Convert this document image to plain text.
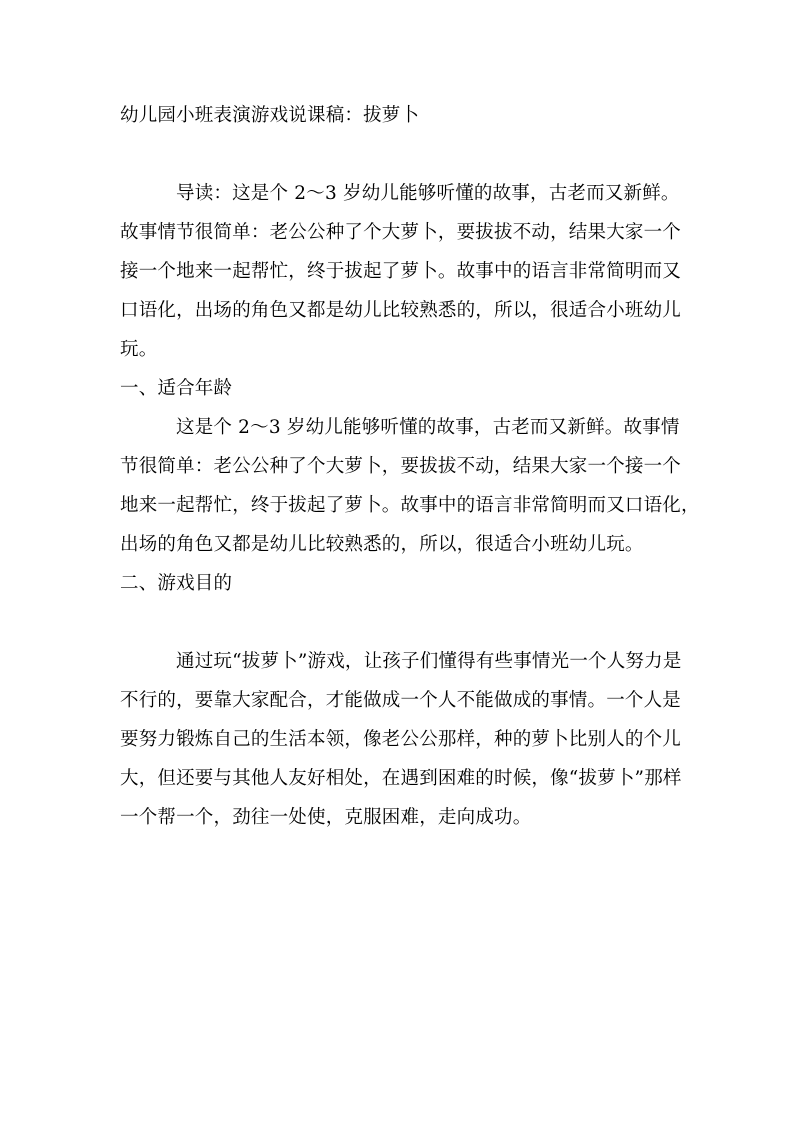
幼儿园小班表演游戏说课稿：拔萝卜

导读：这是个 2～3 岁幼儿能够听懂的故事，古老而又新鲜。

故事情节很简单：老公公种了个大萝卜，要拔拔不动，结果大家一个

接一个地来一起帮忙，终于拔起了萝卜。故事中的语言非常简明而又

口语化，出场的角色又都是幼儿比较熟悉的，所以，很适合小班幼儿

玩。

一、适合年龄

这是个 2～3 岁幼儿能够听懂的故事，古老而又新鲜。故事情

节很简单：老公公种了个大萝卜，要拔拔不动，结果大家一个接一个

地来一起帮忙，终于拔起了萝卜。故事中的语言非常简明而又口语化，

出场的角色又都是幼儿比较熟悉的，所以，很适合小班幼儿玩。

二、游戏目的

通过玩“拔萝卜”游戏，让孩子们懂得有些事情光一个人努力是

不行的，要靠大家配合，才能做成一个人不能做成的事情。一个人是

要努力锻炼自己的生活本领，像老公公那样，种的萝卜比别人的个儿

大，但还要与其他人友好相处，在遇到困难的时候，像“拔萝卜”那样

一个帮一个，劲往一处使，克服困难，走向成功。
